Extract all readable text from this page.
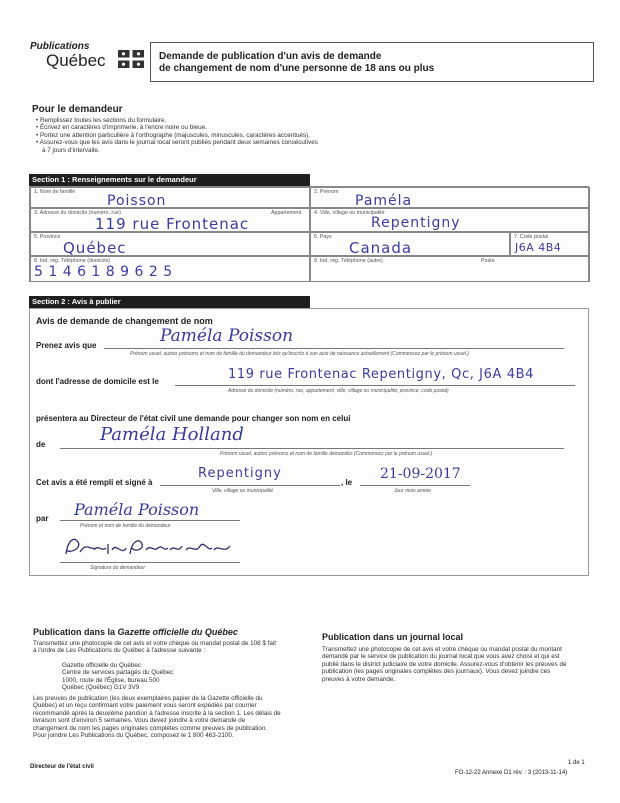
Publications
Québec	Demande de publication d'un avis de demande
de changement de nom d'une personne de 18 ans ou plus
Pour le demandeur
• Remplissez toutes les sections du formulaire.
• Écrivez en caractères d'imprimerie, à l'encre noire ou bleue.
• Portez une attention particulière à l'orthographe (majuscules, minuscules, caractères accentués).
• Assurez-vous que les avis dans le journal local seront publiés pendant deux semaines consécutives
à 7 jours d'intervalle.
Section 1 : Renseignements sur le demandeur
1. Nom de famille
Poisson
2. Prénom
Paméla
3. Adresse du domicile (numéro, rue)	Appartement
119 rue Frontenac
4. Ville, village ou municipalité
Repentigny
5. Province
Québec
6. Pays
Canada
7. Code postal
J6A 4B4
8. Ind. rég. Téléphone (domicile)
5 1 4 6 1 8 9 6 2 5
9. Ind. rég. Téléphone (autre)	Poste
Section 2 : Avis à publier
Avis de demande de changement de nom
Prenez avis que	Paméla Poisson
Prénom usuel, autres prénoms et nom de famille du demandeur tels qu'inscrits à son acte de naissance actuellement (Commencez par le prénom usuel.)
dont l'adresse de domicile est le	119 rue Frontenac Repentigny, Qc, J6A 4B4
Adresse du domicile (numéro, rue, appartement, ville, village ou municipalité, province, code postal)
présentera au Directeur de l'état civil une demande pour changer son nom en celui
de	Paméla Holland
Prénom usuel, autres prénoms et nom de famille demandés (Commencez par le prénom usuel.)
Cet avis a été rempli et signé à
Repentigny
Ville, village ou municipalité
, le
21-09-2017
Jour mois année
par Paméla Poisson
Prénom et nom de famille du demandeur
Signature du demandeur
Publication dans la Gazette officielle du Québec
Transmettez une photocopie de cet avis et votre chèque ou mandat postal de 108 $ fait à l'ordre de Les Publications du Québec à l'adresse suivante :
Gazette officielle du Québec
Centre de services partagés du Québec
1000, route de l'Église, bureau 500
Québec (Québec) G1V 3V9
Les preuves de publication (les deux exemplaires papier de la Gazette officielle du Québec) et un reçu confirmant votre paiement vous seront expédiés par courrier recommandé après la deuxième parution à l'adresse inscrite à la section 1. Les délais de livraison sont d'environ 5 semaines. Vous devez joindre à votre demande de changement de nom les pages originales complètes comme preuves de publication. Pour joindre Les Publications du Québec, composez le 1 800 463-2100.
Publication dans un journal local
Transmettez une photocopie de cet avis et votre chèque ou mandat postal du montant demandé par le service de publication du journal local que vous avez choisi et qui est publié dans le district judiciaire de votre domicile. Assurez-vous d'obtenir les preuves de publication (les pages originales complètes des journaux). Vous devez joindre ces preuves à votre demande.
Directeur de l'état civil
1 de 1
FO-12-22 Annexe D1 rév. : 3 (2013-11-14)
